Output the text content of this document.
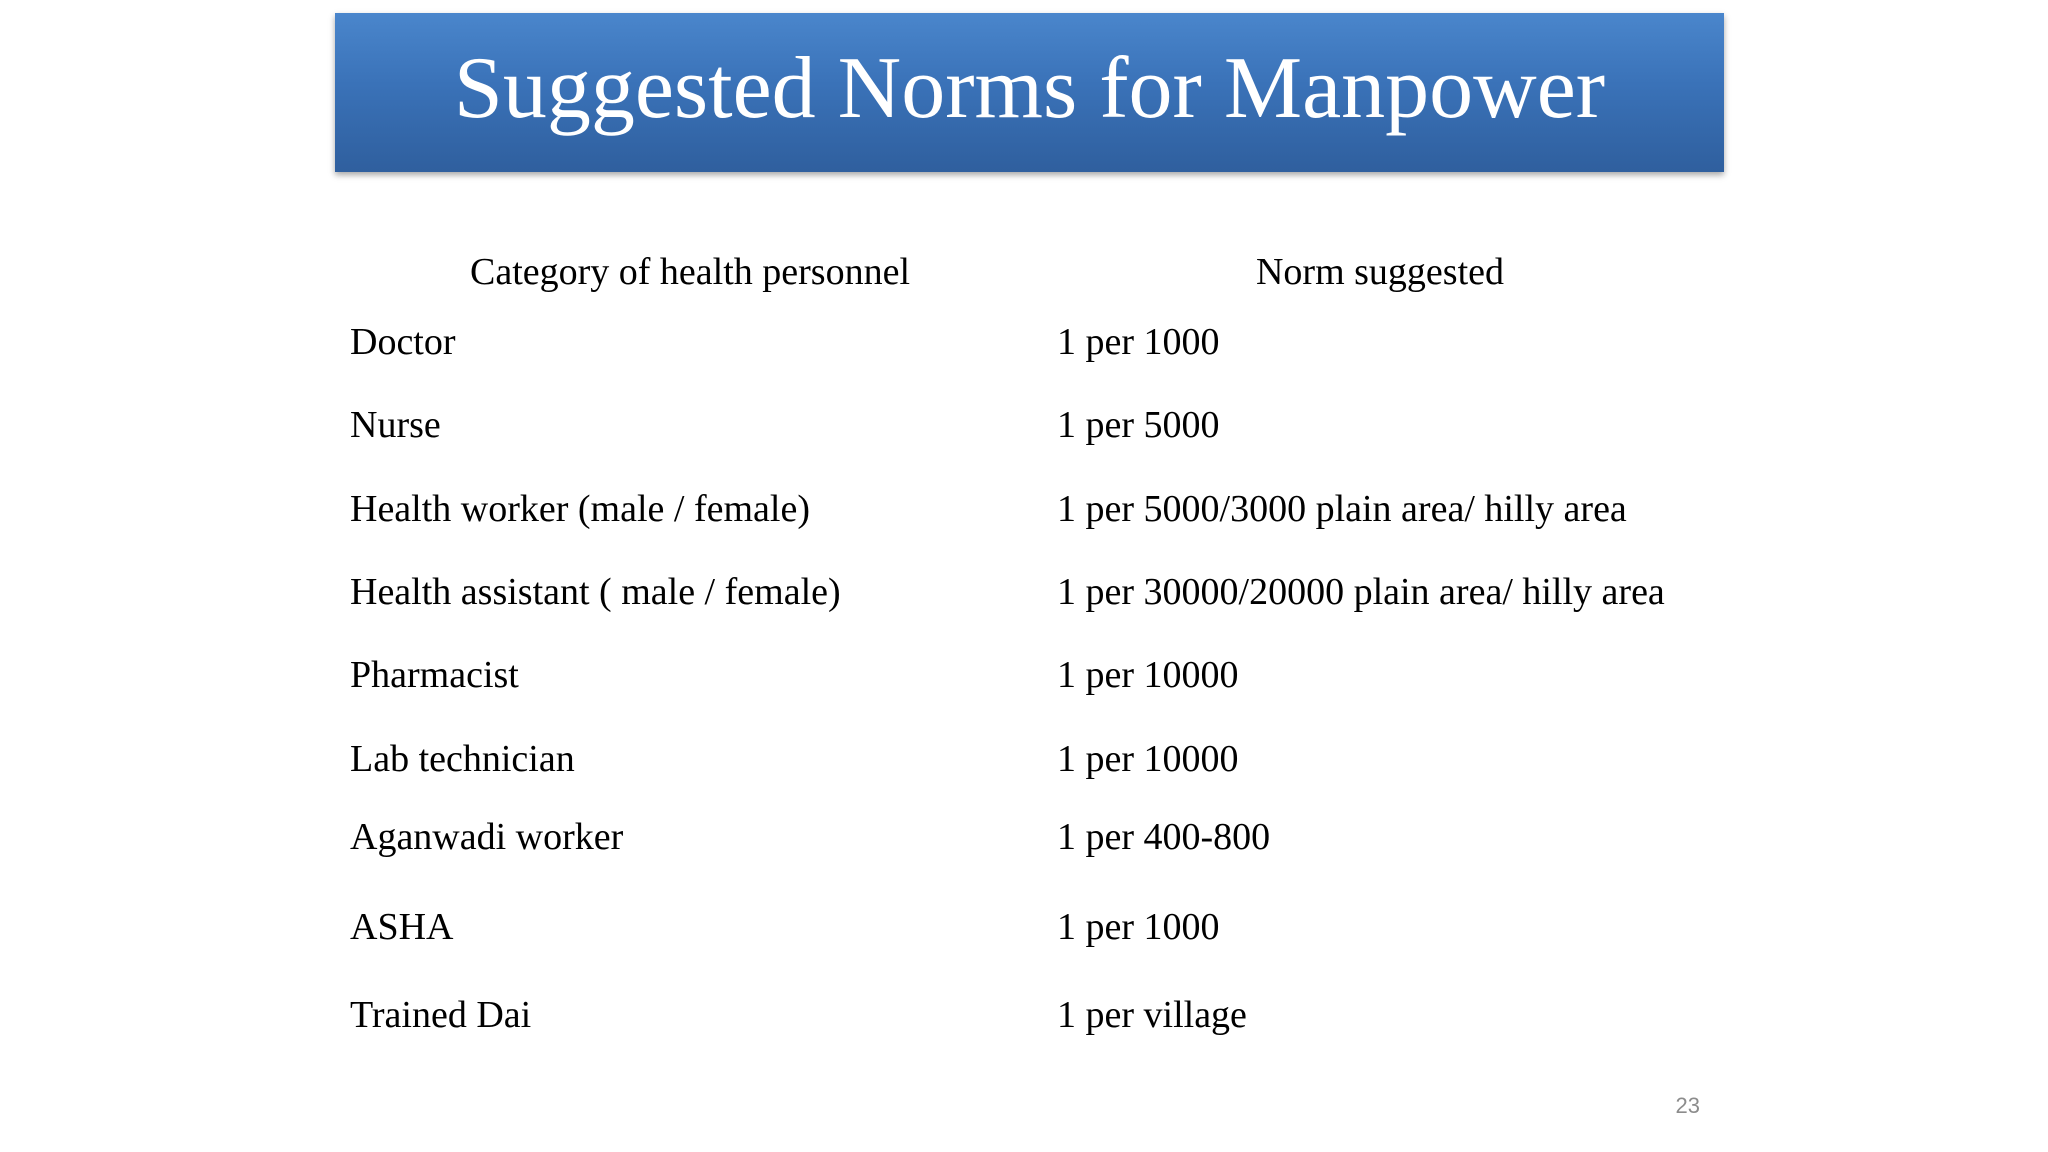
Suggested Norms for Manpower
Category of health personnel	Norm suggested
Doctor	1 per 1000
Nurse	1 per 5000
Health worker (male / female)	1 per 5000/3000 plain area/ hilly area
Health assistant ( male / female)	1 per 30000/20000 plain area/ hilly area
Pharmacist	1 per 10000
Lab technician	1 per 10000
Aganwadi worker	1 per 400-800
ASHA	1 per 1000
Trained Dai	1 per village
23
